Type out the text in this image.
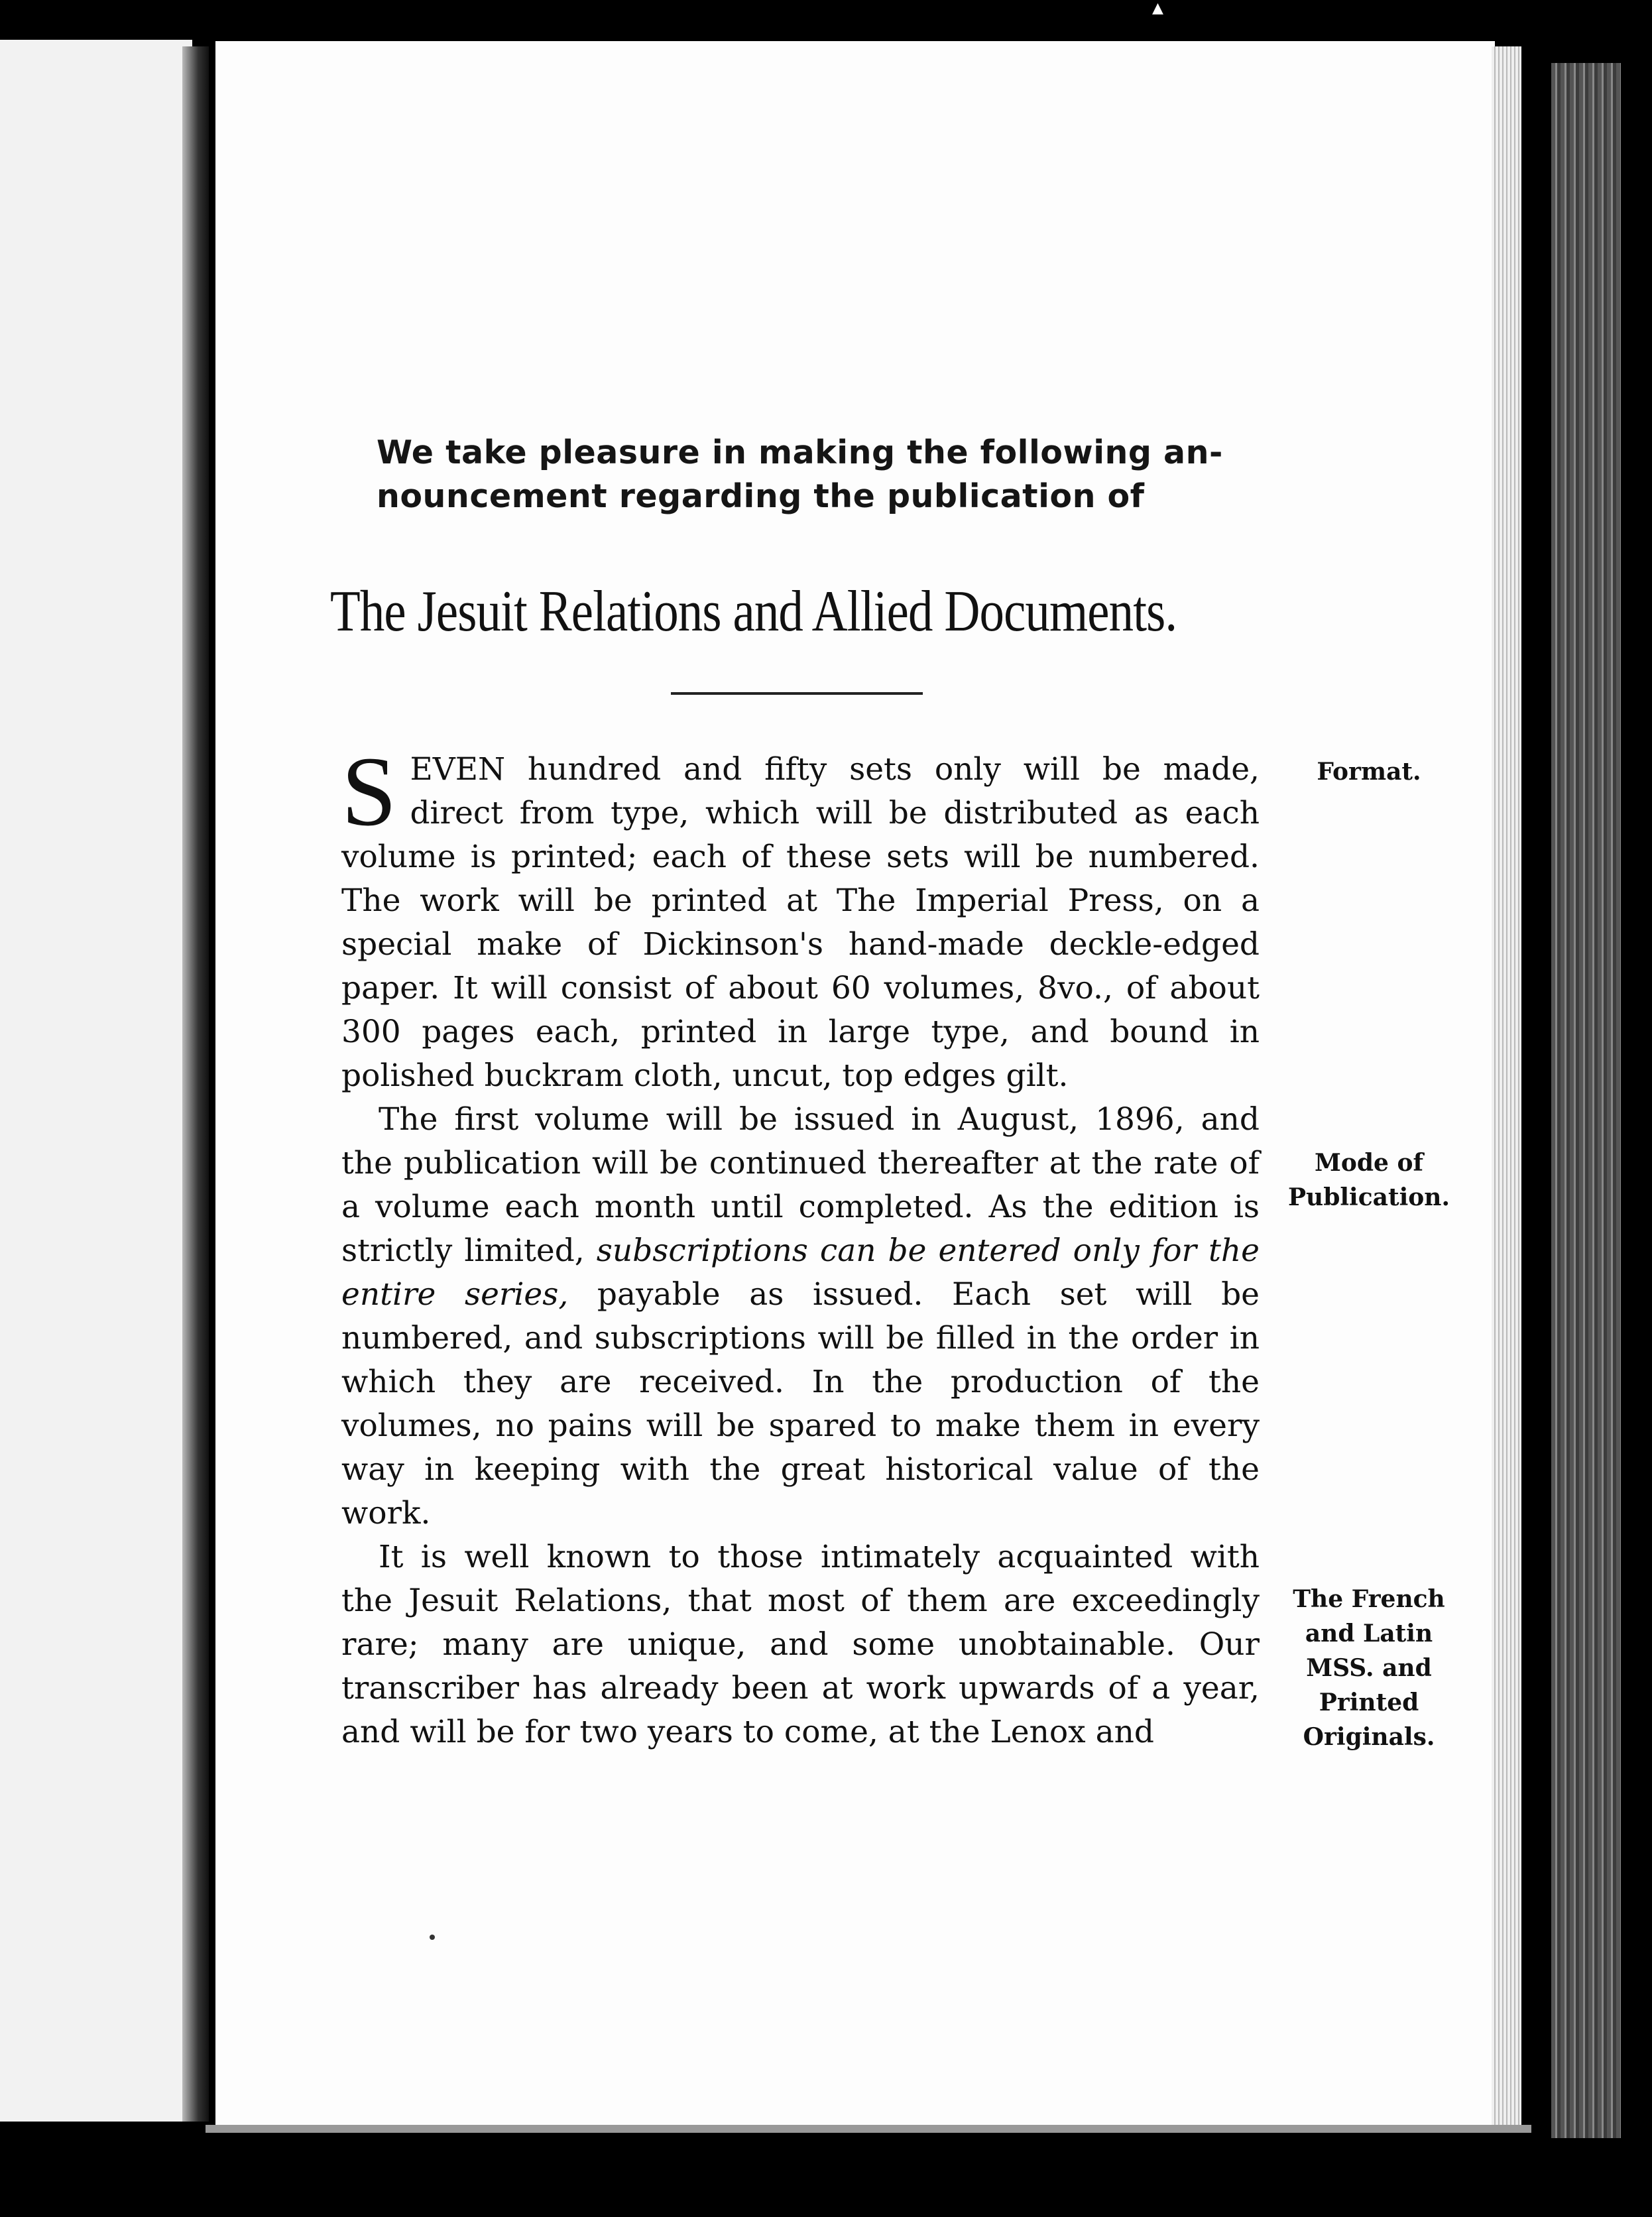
▲
We take pleasure in making the following an-
nouncement regarding the publication of
The Jesuit Relations and Allied Documents.

SEVEN hundred and fifty sets only will be made, direct from type, which will be distributed as each volume is printed; each of these sets will be numbered. The work will be printed at The Imperial Press, on a special make of Dickinson's hand-made deckle-edged paper. It will consist of about 60 volumes, 8vo., of about 300 pages each, printed in large type, and bound in polished buckram cloth, uncut, top edges gilt.

The first volume will be issued in August, 1896, and the publication will be continued thereafter at the rate of a volume each month until completed. As the edition is strictly limited, subscriptions can be entered only for the entire series, payable as issued. Each set will be numbered, and subscriptions will be filled in the order in which they are received. In the production of the volumes, no pains will be spared to make them in every way in keeping with the great historical value of the work.

It is well known to those intimately acquainted with the Jesuit Relations, that most of them are exceedingly rare; many are unique, and some unobtainable. Our transcriber has already been at work upwards of a year, and will be for two years to come, at the Lenox and

Format.
Mode of
Publication.
The French
and Latin
MSS. and
Printed
Originals.
